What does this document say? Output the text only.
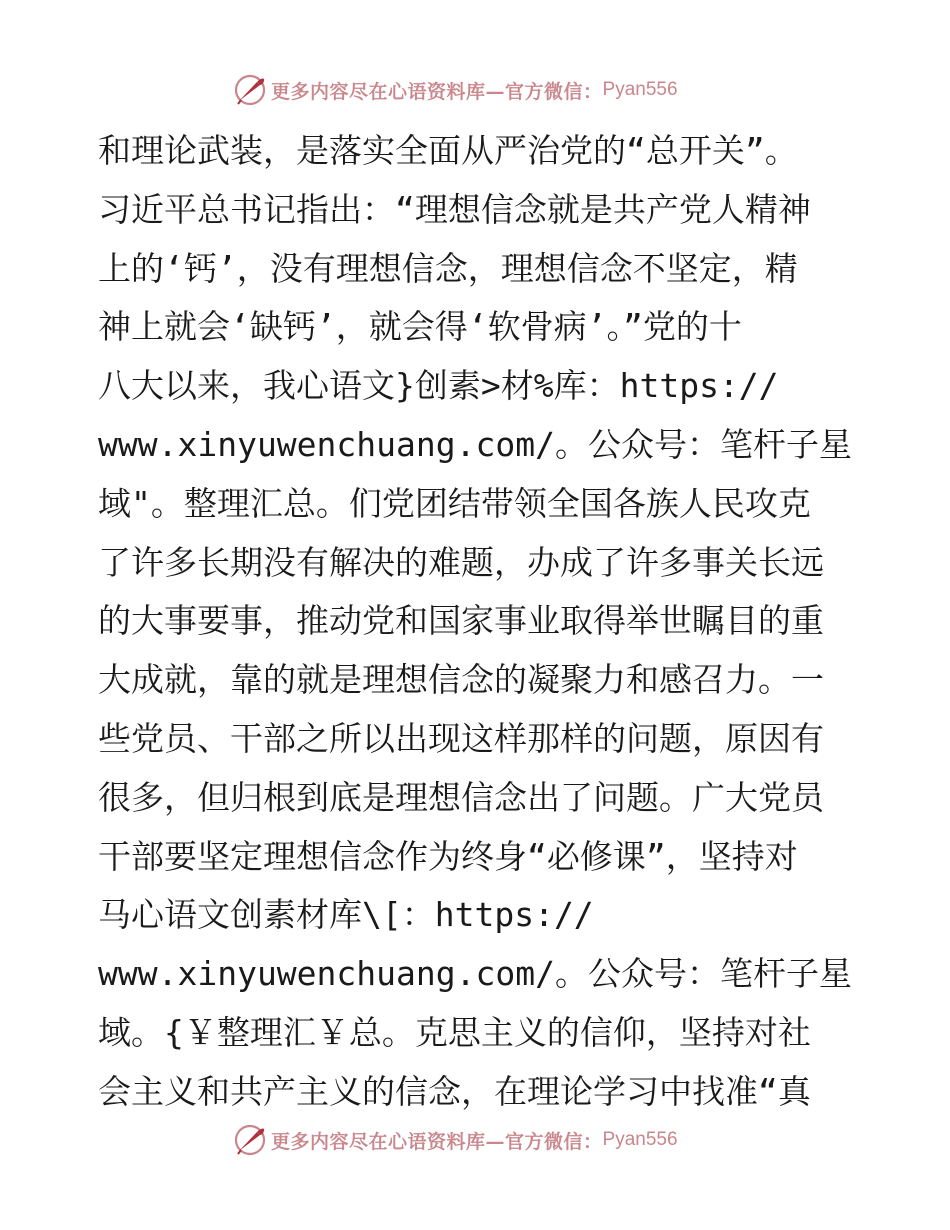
更多内容尽在心语资料库—官方微信： Pyan556
和理论武装，是落实全面从严治党的“总开关”。
习近平总书记指出：“理想信念就是共产党人精神
上的‘钙’，没有理想信念，理想信念不坚定，精
神上就会‘缺钙’，就会得‘软骨病’。”党的十
八大以来，我心语文}创素>材%库：https://
www.xinyuwenchuang.com/。公众号：笔杆子星
域"。整理汇总。们党团结带领全国各族人民攻克
了许多长期没有解决的难题，办成了许多事关长远
的大事要事，推动党和国家事业取得举世瞩目的重
大成就，靠的就是理想信念的凝聚力和感召力。一
些党员、干部之所以出现这样那样的问题，原因有
很多，但归根到底是理想信念出了问题。广大党员
干部要坚定理想信念作为终身“必修课”，坚持对
马心语文创素材库\[：https://
www.xinyuwenchuang.com/。公众号：笔杆子星
域。{￥整理汇￥总。克思主义的信仰，坚持对社
会主义和共产主义的信念，在理论学习中找准“真
更多内容尽在心语资料库—官方微信： Pyan556
